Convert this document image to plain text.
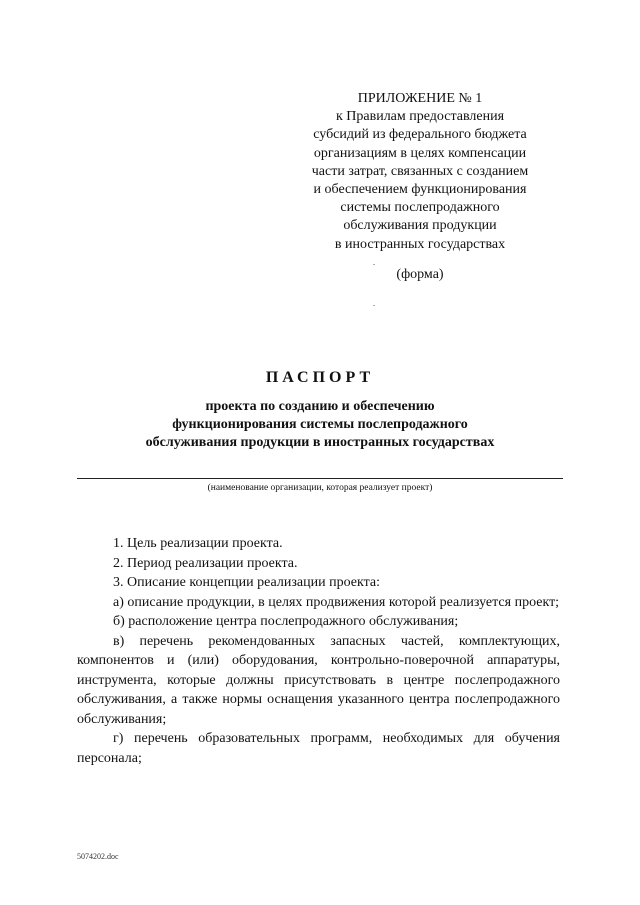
ПРИЛОЖЕНИЕ № 1
к Правилам предоставления
субсидий из федерального бюджета
организациям в целях компенсации
части затрат, связанных с созданием
и обеспечением функционирования
системы послепродажного
обслуживания продукции
в иностранных государствах
(форма)
ПАСПОРТ
проекта по созданию и обеспечению
функционирования системы послепродажного
обслуживания продукции в иностранных государствах
(наименование организации, которая реализует проект)

1. Цель реализации проекта.

2. Период реализации проекта.

3. Описание концепции реализации проекта:

а) описание продукции, в целях продвижения которой реализуется проект;

б) расположение центра послепродажного обслуживания;

в) перечень рекомендованных запасных частей, комплектующих, компонентов и (или) оборудования, контрольно-поверочной аппаратуры, инструмента, которые должны присутствовать в центре послепродажного обслуживания, а также нормы оснащения указанного центра послепродажного обслуживания;

г) перечень образовательных программ, необходимых для обучения персонала;

5074202.doc
